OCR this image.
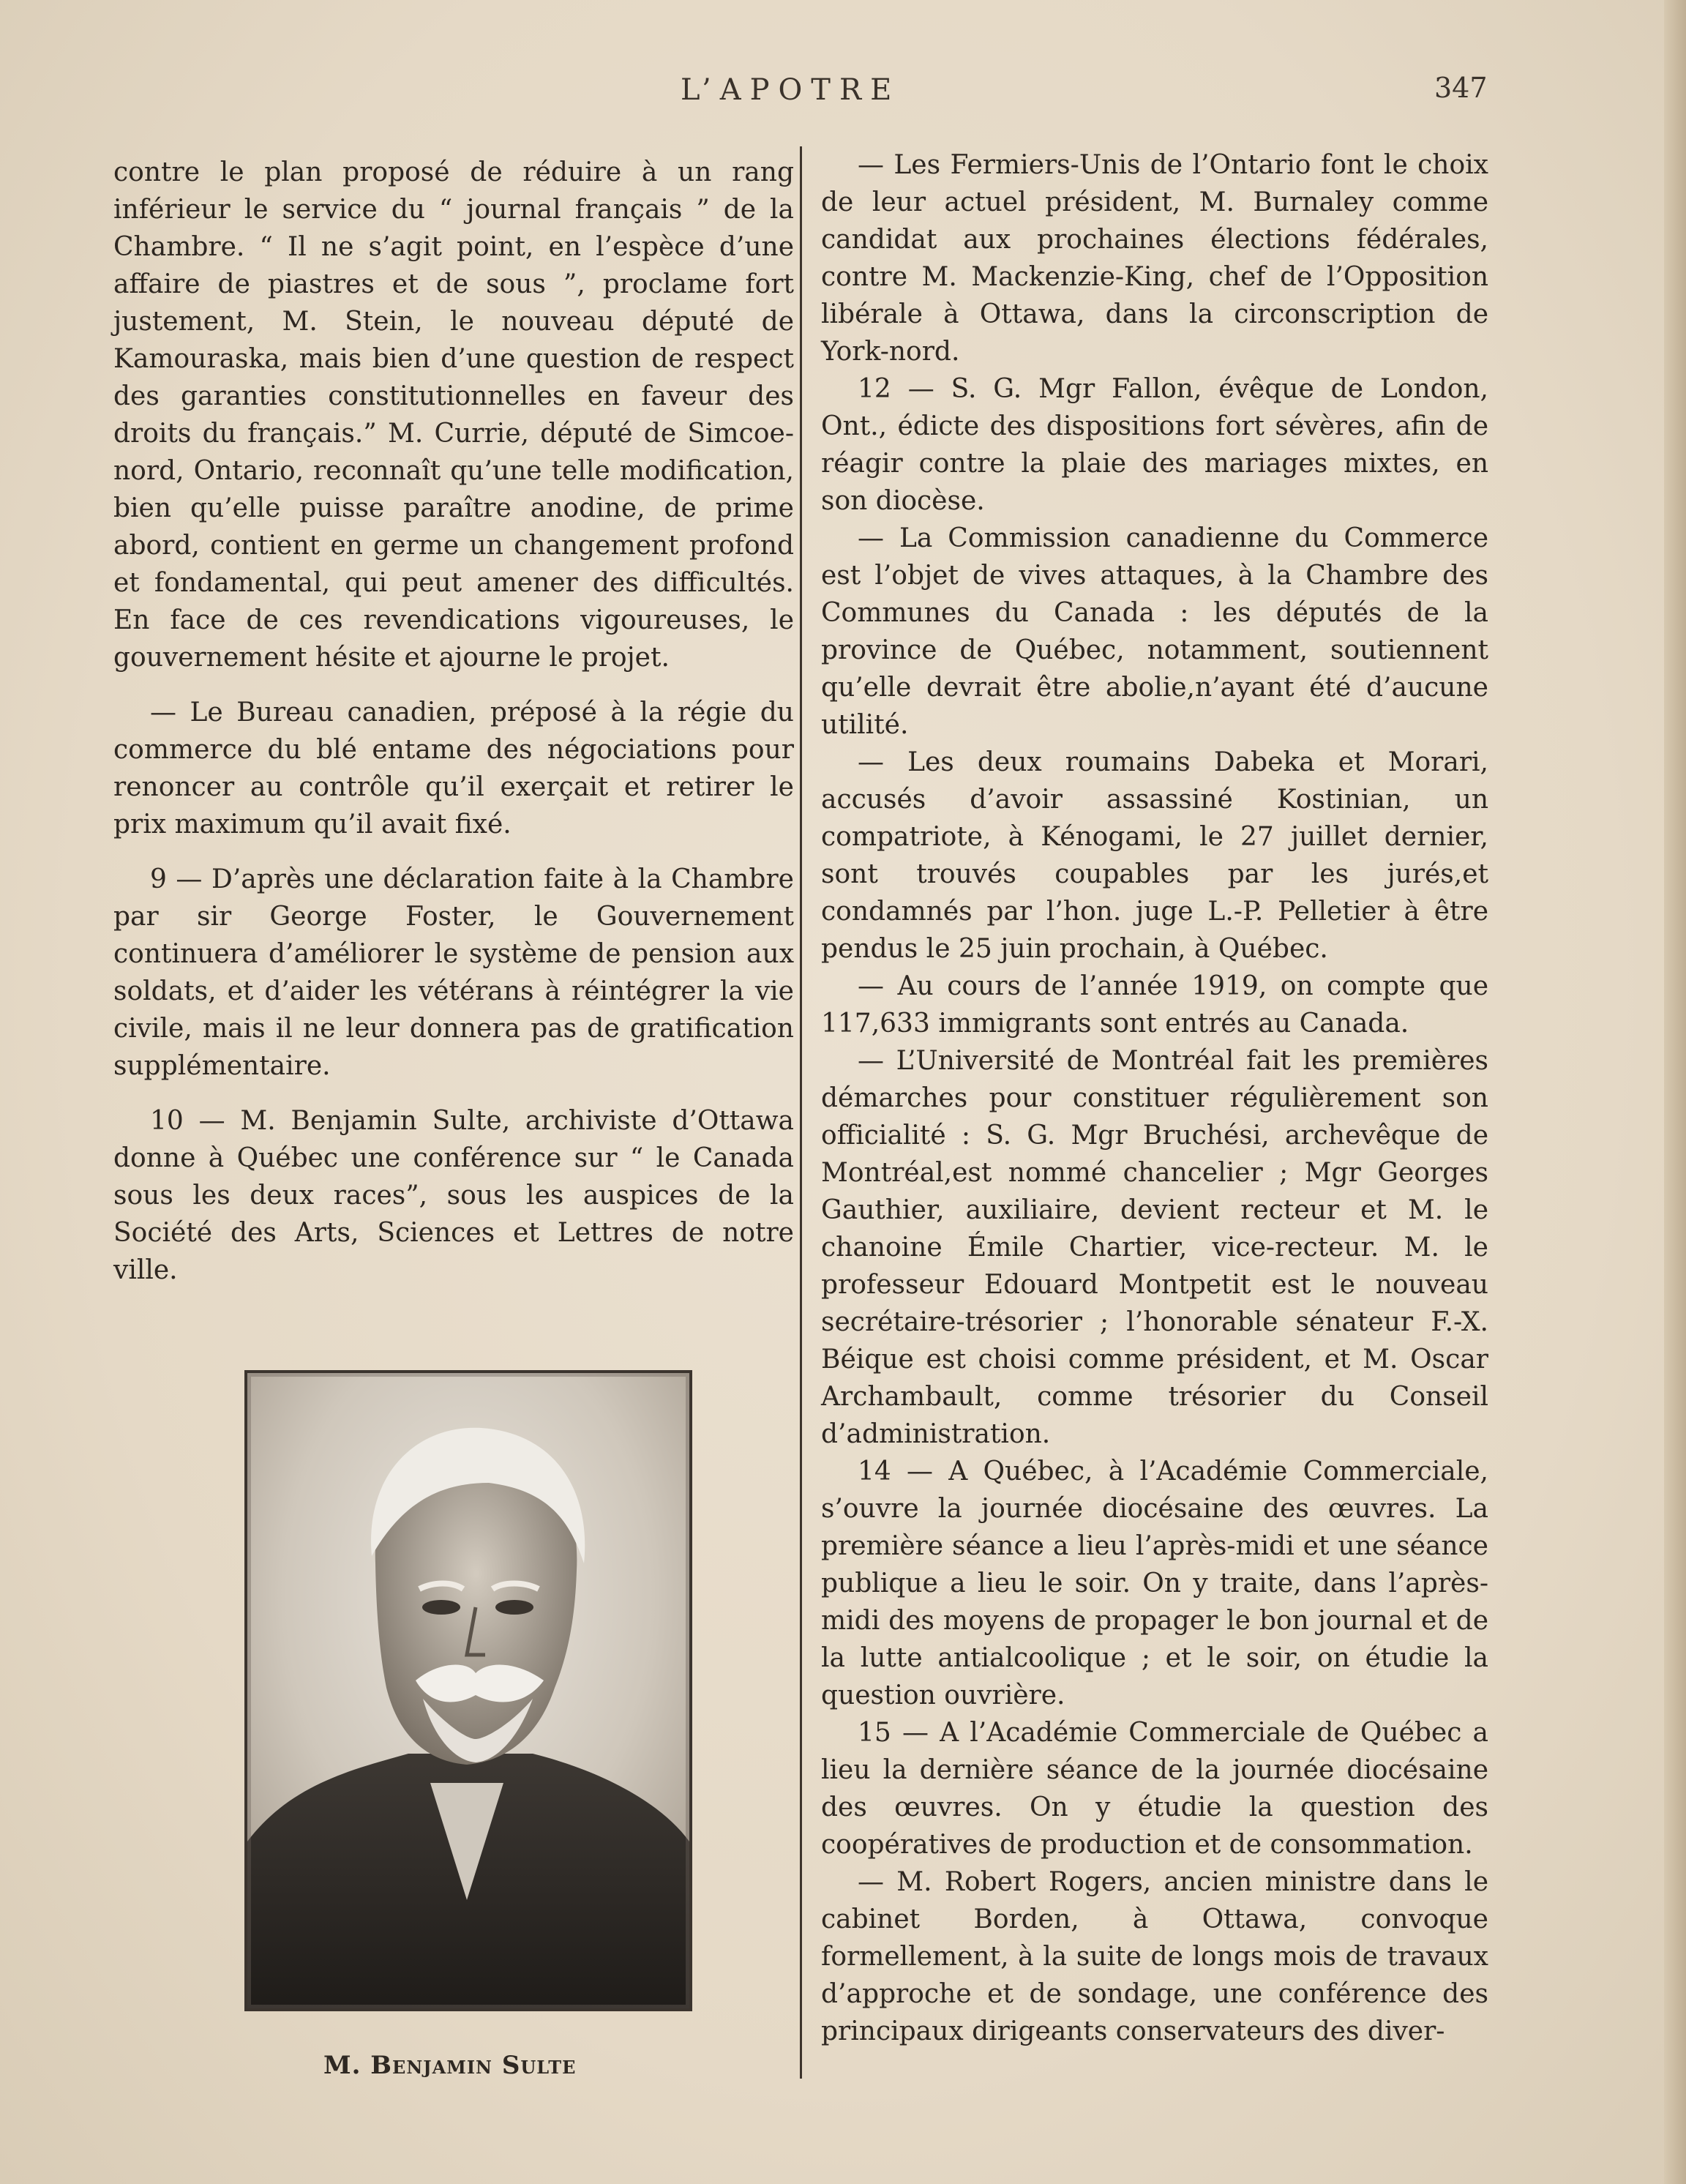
L’APOTRE	347

contre le plan proposé de réduire à un rang inférieur le service du “ journal français ” de la Chambre. “ Il ne s’agit point, en l’espèce d’une affaire de piastres et de sous ”, proclame fort justement, M. Stein, le nouveau député de Kamouraska, mais bien d’une question de respect des garanties constitutionnelles en faveur des droits du français.” M. Currie, député de Simcoe-nord, Ontario, reconnaît qu’une telle modification, bien qu’elle puisse paraître anodine, de prime abord, contient en germe un changement profond et fondamental, qui peut amener des difficultés. En face de ces revendications vigoureuses, le gouvernement hésite et ajourne le projet.

— Le Bureau canadien, préposé à la régie du commerce du blé entame des négociations pour renoncer au contrôle qu’il exerçait et retirer le prix maximum qu’il avait fixé.

9 — D’après une déclaration faite à la Chambre par sir George Foster, le Gouvernement continuera d’améliorer le système de pension aux soldats, et d’aider les vétérans à réintégrer la vie civile, mais il ne leur donnera pas de gratification supplémentaire.

10 — M. Benjamin Sulte, archiviste d’Ottawa donne à Québec une conférence sur “ le Canada sous les deux races”, sous les auspices de la Société des Arts, Sciences et Lettres de notre ville.

M. Benjamin Sulte

— Les Fermiers-Unis de l’Ontario font le choix de leur actuel président, M. Burnaley comme candidat aux prochaines élections fédérales, contre M. Mackenzie-King, chef de l’Opposition libérale à Ottawa, dans la circonscription de York-nord.

12 — S. G. Mgr Fallon, évêque de London, Ont., édicte des dispositions fort sévères, afin de réagir contre la plaie des mariages mixtes, en son diocèse.

— La Commission canadienne du Commerce est l’objet de vives attaques, à la Chambre des Communes du Canada : les députés de la province de Québec, notamment, soutiennent qu’elle devrait être abolie,n’ayant été d’aucune utilité.

— Les deux roumains Dabeka et Morari, accusés d’avoir assassiné Kostinian, un compatriote, à Kénogami, le 27 juillet dernier, sont trouvés coupables par les jurés,et condamnés par l’hon. juge L.-P. Pelletier à être pendus le 25 juin prochain, à Québec.

— Au cours de l’année 1919, on compte que 117,633 immigrants sont entrés au Canada.

— L’Université de Montréal fait les premières démarches pour constituer régulièrement son officialité : S. G. Mgr Bruchési, archevêque de Montréal,est nommé chancelier ; Mgr Georges Gauthier, auxiliaire, devient recteur et M. le chanoine Émile Chartier, vice-recteur. M. le professeur Edouard Montpetit est le nouveau secrétaire-trésorier ; l’honorable sénateur F.-X. Béique est choisi comme président, et M. Oscar Archambault, comme trésorier du Conseil d’administration.

14 — A Québec, à l’Académie Commerciale, s’ouvre la journée diocésaine des œuvres. La première séance a lieu l’après-midi et une séance publique a lieu le soir. On y traite, dans l’après-midi des moyens de propager le bon journal et de la lutte antialcoolique ; et le soir, on étudie la question ouvrière.

15 — A l’Académie Commerciale de Québec a lieu la dernière séance de la journée diocésaine des œuvres. On y étudie la question des coopératives de production et de consommation.

— M. Robert Rogers, ancien ministre dans le cabinet Borden, à Ottawa, convoque formellement, à la suite de longs mois de travaux d’approche et de sondage, une conférence des principaux dirigeants conservateurs des diver-
